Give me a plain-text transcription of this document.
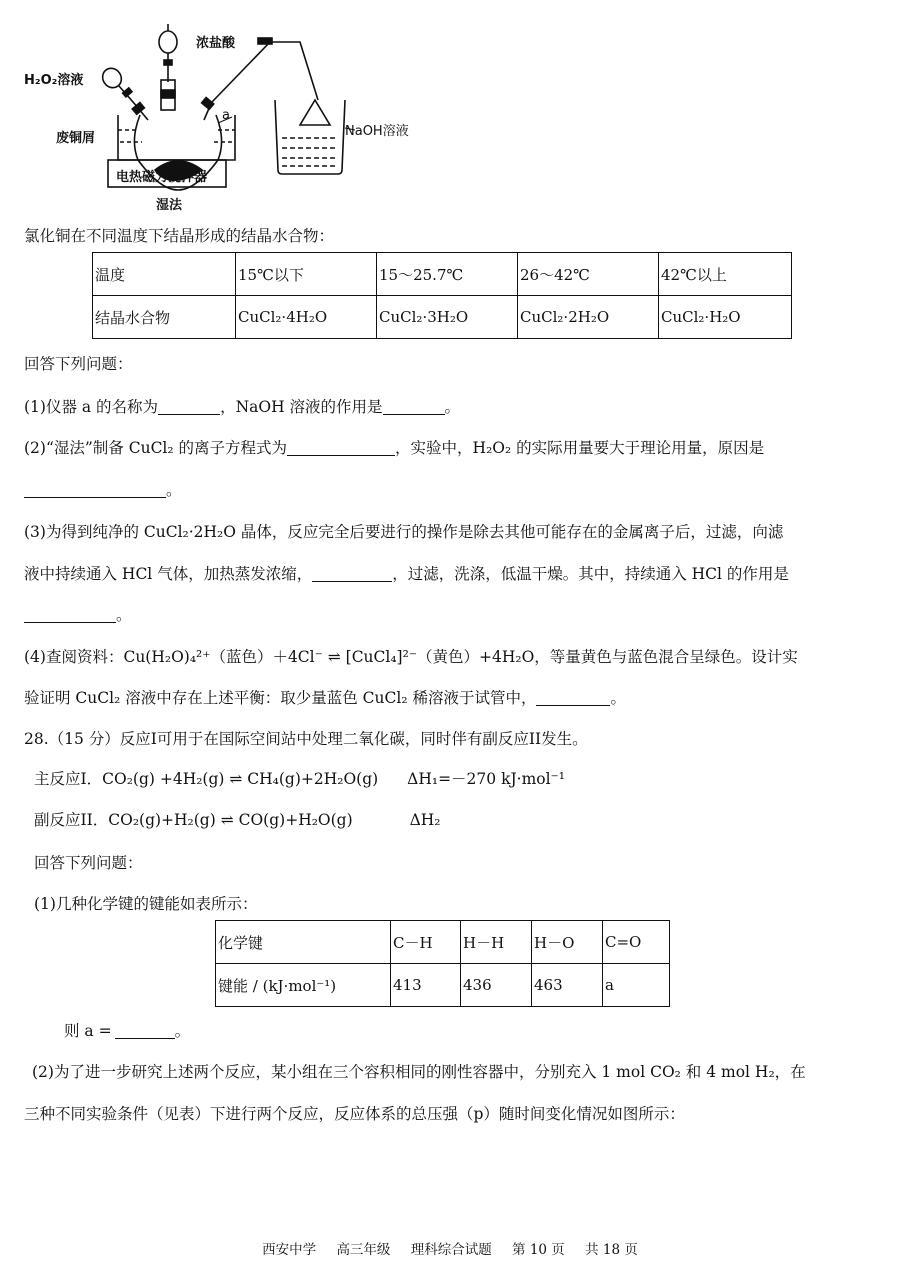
H₂O₂溶液
浓盐酸
a
废铜屑	NaOH溶液
电热磁力搅拌器
湿法
氯化铜在不同温度下结晶形成的结晶水合物：
温度	15℃以下	15～25.7℃	26～42℃	42℃以上
结晶水合物	CuCl₂·4H₂O	CuCl₂·3H₂O	CuCl₂·2H₂O	CuCl₂·H₂O
回答下列问题：
(1)仪器 a 的名称为	，NaOH 溶液的作用是	。
(2)“湿法”制备 CuCl₂ 的离子方程式为	，实验中，H₂O₂ 的实际用量要大于理论用量，原因是
。
(3)为得到纯净的 CuCl₂·2H₂O 晶体，反应完全后要进行的操作是除去其他可能存在的金属离子后，过滤，向滤
液中持续通入 HCl 气体，加热蒸发浓缩，	，过滤，洗涤，低温干燥。其中，持续通入 HCl 的作用是
。
(4)查阅资料：Cu(H₂O)₄²⁺（蓝色）＋4Cl⁻ ⇌ [CuCl₄]²⁻（黄色）+4H₂O，等量黄色与蓝色混合呈绿色。设计实
验证明 CuCl₂ 溶液中存在上述平衡：取少量蓝色 CuCl₂ 稀溶液于试管中，	。
28.（15 分）反应I可用于在国际空间站中处理二氧化碳，同时伴有副反应II发生。
主反应I．CO₂(g) +4H₂(g) ⇌ CH₄(g)+2H₂O(g) ΔH₁=－270 kJ·mol⁻¹
副反应II．CO₂(g)+H₂(g) ⇌ CO(g)+H₂O(g)	ΔH₂
回答下列问题：
(1)几种化学键的键能如表所示：
化学键	C－H	H－H	H－O	C=O
键能 / (kJ·mol⁻¹)	413	436	463	a
则 a =	。
(2)为了进一步研究上述两个反应，某小组在三个容积相同的刚性容器中，分别充入 1 mol CO₂ 和 4 mol H₂，在
三种不同实验条件（见表）下进行两个反应，反应体系的总压强（p）随时间变化情况如图所示：
西安中学 高三年级 理科综合试题 第 10 页 共 18 页
